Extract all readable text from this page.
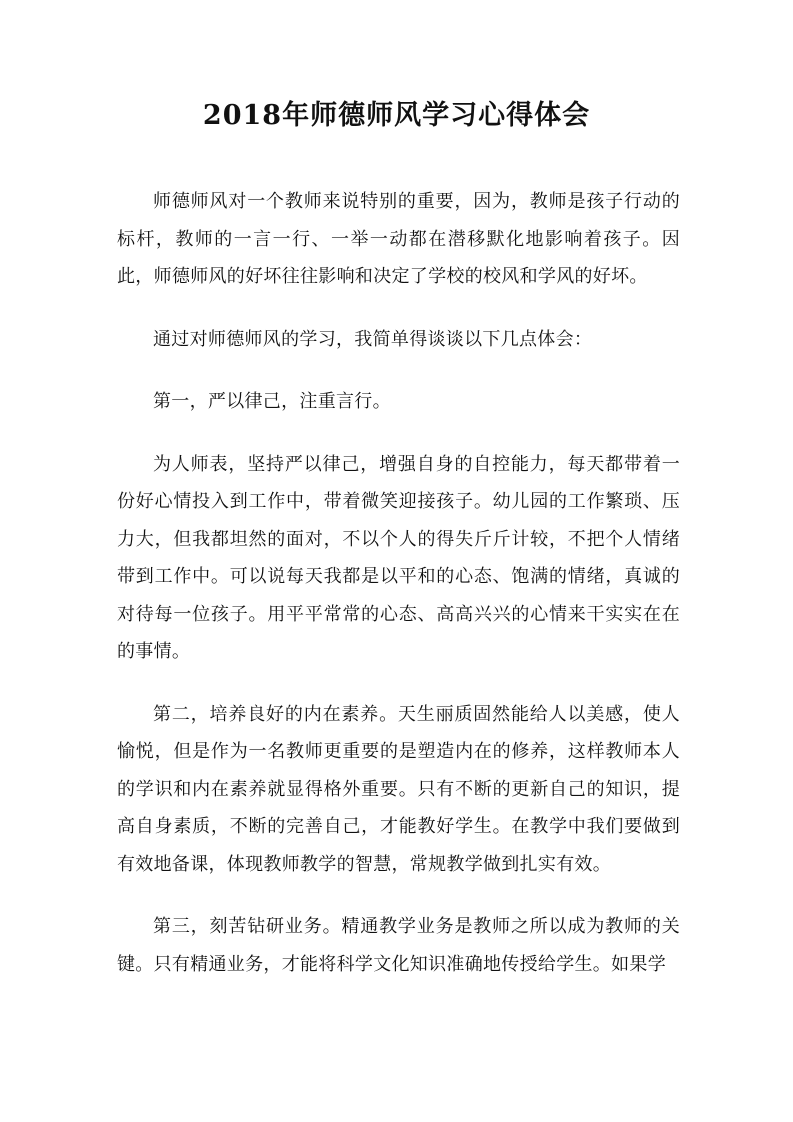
2018年师德师风学习心得体会

师德师风对一个教师来说特别的重要，因为，教师是孩子行动的标杆，教师的一言一行、一举一动都在潜移默化地影响着孩子。因此，师德师风的好坏往往影响和决定了学校的校风和学风的好坏。

通过对师德师风的学习，我简单得谈谈以下几点体会：

第一，严以律己，注重言行。

为人师表，坚持严以律己，增强自身的自控能力，每天都带着一份好心情投入到工作中，带着微笑迎接孩子。幼儿园的工作繁琐、压力大，但我都坦然的面对，不以个人的得失斤斤计较，不把个人情绪带到工作中。可以说每天我都是以平和的心态、饱满的情绪，真诚的对待每一位孩子。用平平常常的心态、高高兴兴的心情来干实实在在的事情。

第二，培养良好的内在素养。天生丽质固然能给人以美感，使人愉悦，但是作为一名教师更重要的是塑造内在的修养，这样教师本人的学识和内在素养就显得格外重要。只有不断的更新自己的知识，提高自身素质，不断的完善自己，才能教好学生。在教学中我们要做到有效地备课，体现教师教学的智慧，常规教学做到扎实有效。

第三，刻苦钻研业务。精通教学业务是教师之所以成为教师的关键。只有精通业务，才能将科学文化知识准确地传授给学生。如果学
